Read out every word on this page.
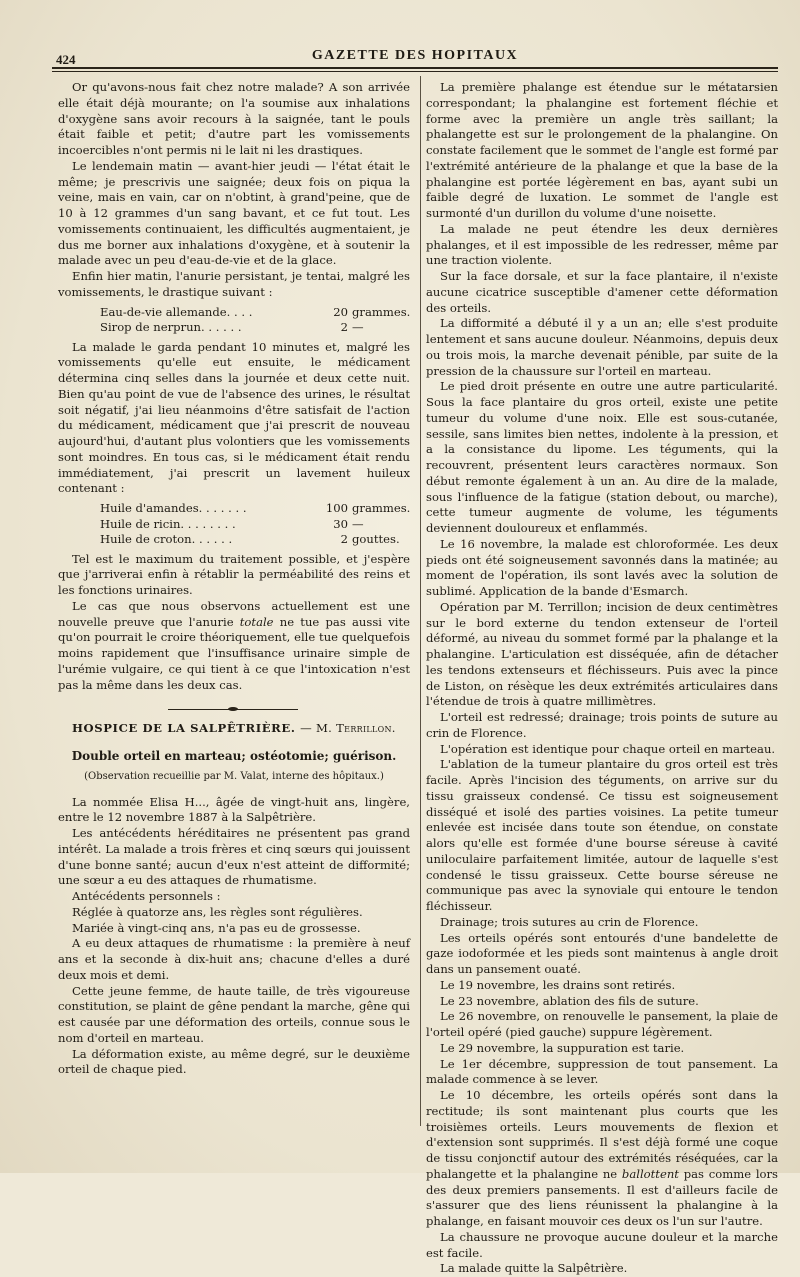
424	GAZETTE DES HOPITAUX

Or qu'avons-nous fait chez notre malade? A son arrivée elle était déjà mourante; on l'a soumise aux inhalations d'oxygène sans avoir recours à la saignée, tant le pouls était faible et petit; d'autre part les vomissements incoercibles n'ont permis ni le lait ni les drastiques.

Le lendemain matin — avant-hier jeudi — l'état était le même; je prescrivis une saignée; deux fois on piqua la veine, mais en vain, car on n'obtint, à grand'peine, que de 10 à 12 grammes d'un sang bavant, et ce fut tout. Les vomissements continuaient, les difficultés augmentaient, je dus me borner aux inhalations d'oxygène, et à soutenir la malade avec un peu d'eau-de-vie et de la glace.

Enfin hier matin, l'anurie persistant, je tentai, malgré les vomissements, le drastique suivant :

Eau-de-vie allemande. . . .	20 grammes.
Sirop de nerprun. . . . . .	2 —

La malade le garda pendant 10 minutes et, malgré les vomissements qu'elle eut ensuite, le médicament détermina cinq selles dans la journée et deux cette nuit. Bien qu'au point de vue de l'absence des urines, le résultat soit négatif, j'ai lieu néanmoins d'être satisfait de l'action du médicament, médicament que j'ai prescrit de nouveau aujourd'hui, d'autant plus volontiers que les vomissements sont moindres. En tous cas, si le médicament était rendu immédiatement, j'ai prescrit un lavement huileux contenant :

Huile d'amandes. . . . . . .	100 grammes.
Huile de ricin. . . . . . . .	30 —
Huile de croton. . . . . .	2 gouttes.

Tel est le maximum du traitement possible, et j'espère que j'arriverai enfin à rétablir la perméabilité des reins et les fonctions urinaires.

Le cas que nous observons actuellement est une nouvelle preuve que l'anurie totale ne tue pas aussi vite qu'on pourrait le croire théoriquement, elle tue quelquefois moins rapidement que l'insuffisance urinaire simple de l'urémie vulgaire, ce qui tient à ce que l'intoxication n'est pas la même dans les deux cas.

HOSPICE DE LA SALPÊTRIÈRE. — M. Terrillon.

Double orteil en marteau; ostéotomie; guérison.
(Observation recueillie par M. Valat, interne des hôpitaux.)

La nommée Elisa H..., âgée de vingt-huit ans, lingère, entre le 12 novembre 1887 à la Salpêtrière.

Les antécédents héréditaires ne présentent pas grand intérêt. La malade a trois frères et cinq sœurs qui jouissent d'une bonne santé; aucun d'eux n'est atteint de difformité; une sœur a eu des attaques de rhumatisme.

Antécédents personnels :

Réglée à quatorze ans, les règles sont régulières.

Mariée à vingt-cinq ans, n'a pas eu de grossesse.

A eu deux attaques de rhumatisme : la première à neuf ans et la seconde à dix-huit ans; chacune d'elles a duré deux mois et demi.

Cette jeune femme, de haute taille, de très vigoureuse constitution, se plaint de gêne pendant la marche, gêne qui est causée par une déformation des orteils, connue sous le nom d'orteil en marteau.

La déformation existe, au même degré, sur le deuxième orteil de chaque pied.

La première phalange est étendue sur le métatarsien correspondant; la phalangine est fortement fléchie et forme avec la première un angle très saillant; la phalangette est sur le prolongement de la phalangine. On constate facilement que le sommet de l'angle est formé par l'extrémité antérieure de la phalange et que la base de la phalangine est portée légèrement en bas, ayant subi un faible degré de luxation. Le sommet de l'angle est surmonté d'un durillon du volume d'une noisette.

La malade ne peut étendre les deux dernières phalanges, et il est impossible de les redresser, même par une traction violente.

Sur la face dorsale, et sur la face plantaire, il n'existe aucune cicatrice susceptible d'amener cette déformation des orteils.

La difformité a débuté il y a un an; elle s'est produite lentement et sans aucune douleur. Néanmoins, depuis deux ou trois mois, la marche devenait pénible, par suite de la pression de la chaussure sur l'orteil en marteau.

Le pied droit présente en outre une autre particularité. Sous la face plantaire du gros orteil, existe une petite tumeur du volume d'une noix. Elle est sous-cutanée, sessile, sans limites bien nettes, indolente à la pression, et a la consistance du lipome. Les téguments, qui la recouvrent, présentent leurs caractères normaux. Son début remonte également à un an. Au dire de la malade, sous l'influence de la fatigue (station debout, ou marche), cette tumeur augmente de volume, les téguments deviennent douloureux et enflammés.

Le 16 novembre, la malade est chloroformée. Les deux pieds ont été soigneusement savonnés dans la matinée; au moment de l'opération, ils sont lavés avec la solution de sublimé. Application de la bande d'Esmarch.

Opération par M. Terrillon; incision de deux centimètres sur le bord externe du tendon extenseur de l'orteil déformé, au niveau du sommet formé par la phalange et la phalangine. L'articulation est disséquée, afin de détacher les tendons extenseurs et fléchisseurs. Puis avec la pince de Liston, on résèque les deux extrémités articulaires dans l'étendue de trois à quatre millimètres.

L'orteil est redressé; drainage; trois points de suture au crin de Florence.

L'opération est identique pour chaque orteil en marteau.

L'ablation de la tumeur plantaire du gros orteil est très facile. Après l'incision des téguments, on arrive sur du tissu graisseux condensé. Ce tissu est soigneusement disséqué et isolé des parties voisines. La petite tumeur enlevée est incisée dans toute son étendue, on constate alors qu'elle est formée d'une bourse séreuse à cavité uniloculaire parfaitement limitée, autour de laquelle s'est condensé le tissu graisseux. Cette bourse séreuse ne communique pas avec la synoviale qui entoure le tendon fléchisseur.

Drainage; trois sutures au crin de Florence.

Les orteils opérés sont entourés d'une bandelette de gaze iodoformée et les pieds sont maintenus à angle droit dans un pansement ouaté.

Le 19 novembre, les drains sont retirés.

Le 23 novembre, ablation des fils de suture.

Le 26 novembre, on renouvelle le pansement, la plaie de l'orteil opéré (pied gauche) suppure légèrement.

Le 29 novembre, la suppuration est tarie.

Le 1er décembre, suppression de tout pansement. La malade commence à se lever.

Le 10 décembre, les orteils opérés sont dans la rectitude; ils sont maintenant plus courts que les troisièmes orteils. Leurs mouvements de flexion et d'extension sont supprimés. Il s'est déjà formé une coque de tissu conjonctif autour des extrémités réséquées, car la phalangette et la phalangine ne ballottent pas comme lors des deux premiers pansements. Il est d'ailleurs facile de s'assurer que des liens réunissent la phalangine à la phalange, en faisant mouvoir ces deux os l'un sur l'autre.

La chaussure ne provoque aucune douleur et la marche est facile.

La malade quitte la Salpêtrière.
